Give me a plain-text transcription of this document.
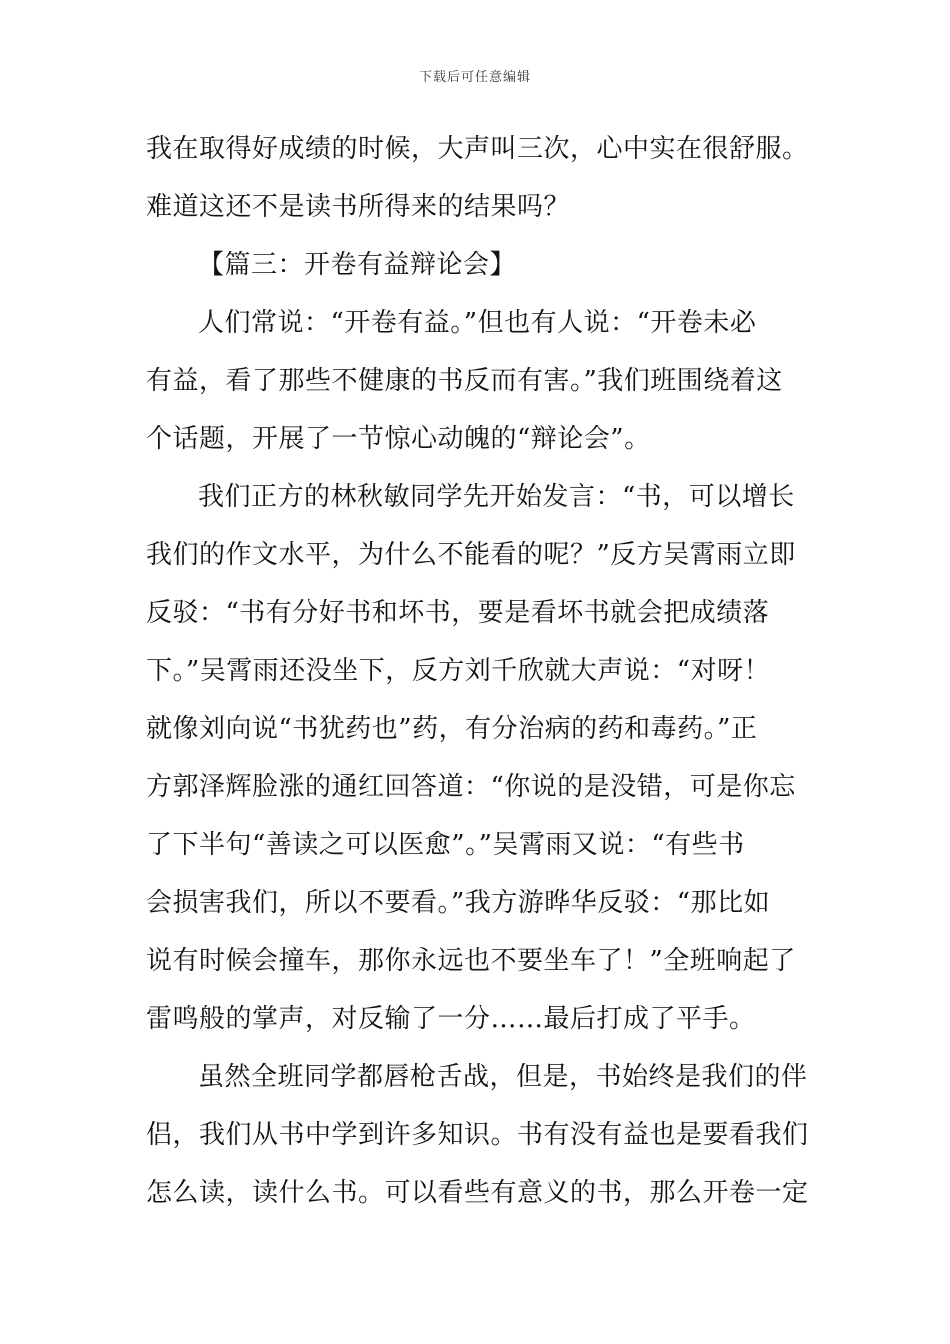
下载后可任意编辑
我在取得好成绩的时候，大声叫三次，心中实在很舒服。
难道这还不是读书所得来的结果吗？
【篇三：开卷有益辩论会】
人们常说：“开卷有益。”但也有人说：“开卷未必
有益，看了那些不健康的书反而有害。”我们班围绕着这
个话题，开展了一节惊心动魄的“辩论会”。
我们正方的林秋敏同学先开始发言：“书，可以增长
我们的作文水平，为什么不能看的呢？”反方吴霄雨立即
反驳：“书有分好书和坏书，要是看坏书就会把成绩落
下。”吴霄雨还没坐下，反方刘千欣就大声说：“对呀！
就像刘向说“书犹药也”药，有分治病的药和毒药。”正
方郭泽辉脸涨的通红回答道：“你说的是没错，可是你忘
了下半句“善读之可以医愈”。”吴霄雨又说：“有些书
会损害我们，所以不要看。”我方游晔华反驳：“那比如
说有时候会撞车，那你永远也不要坐车了！”全班响起了
雷鸣般的掌声，对反输了一分……最后打成了平手。
虽然全班同学都唇枪舌战，但是，书始终是我们的伴
侣，我们从书中学到许多知识。书有没有益也是要看我们
怎么读，读什么书。可以看些有意义的书，那么开卷一定
